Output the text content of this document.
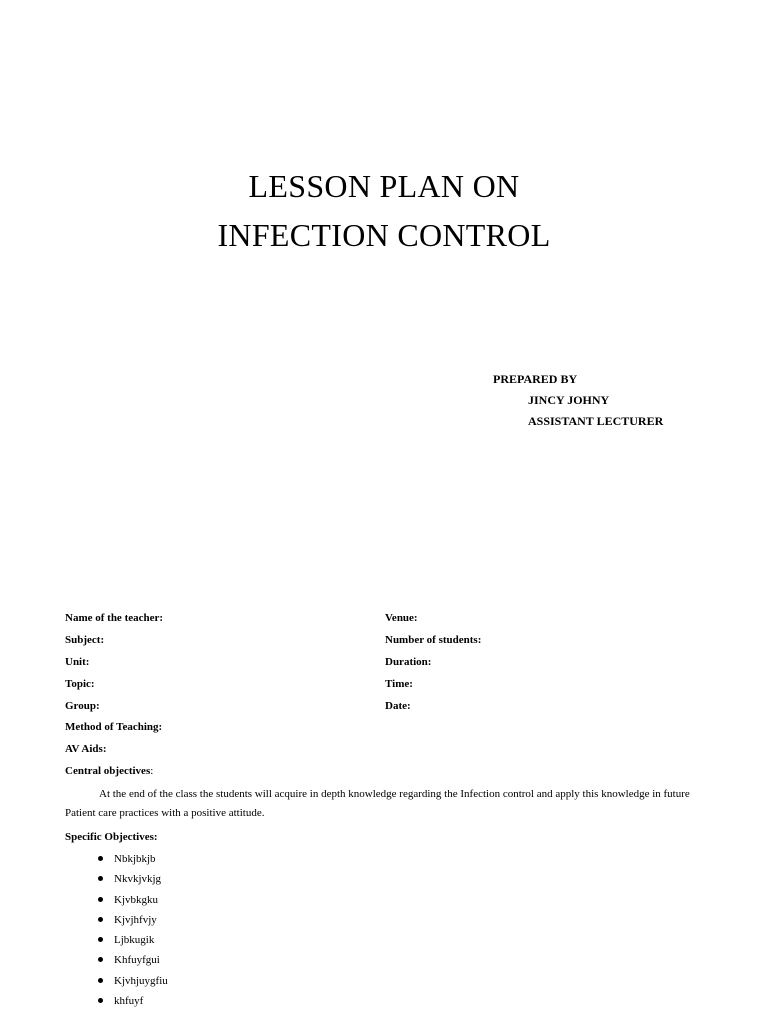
LESSON PLAN ON
INFECTION CONTROL
PREPARED BY
JINCY JOHNY
ASSISTANT LECTURER
Name of the teacher:
Subject:
Unit:
Topic:
Group:
Method of Teaching:
AV Aids:
Venue:
Number of students:
Duration:
Time:
Date:
Central objectives:
At the end of the class the students will acquire in depth knowledge regarding the Infection control and apply this knowledge in future
Patient care practices with a positive attitude.
Specific Objectives:
Nbkjbkjb
Nkvkjvkjg
Kjvbkgku
Kjvjhfvjy
Ljbkugik
Khfuyfgui
Kjvhjuygfiu
khfuyf
